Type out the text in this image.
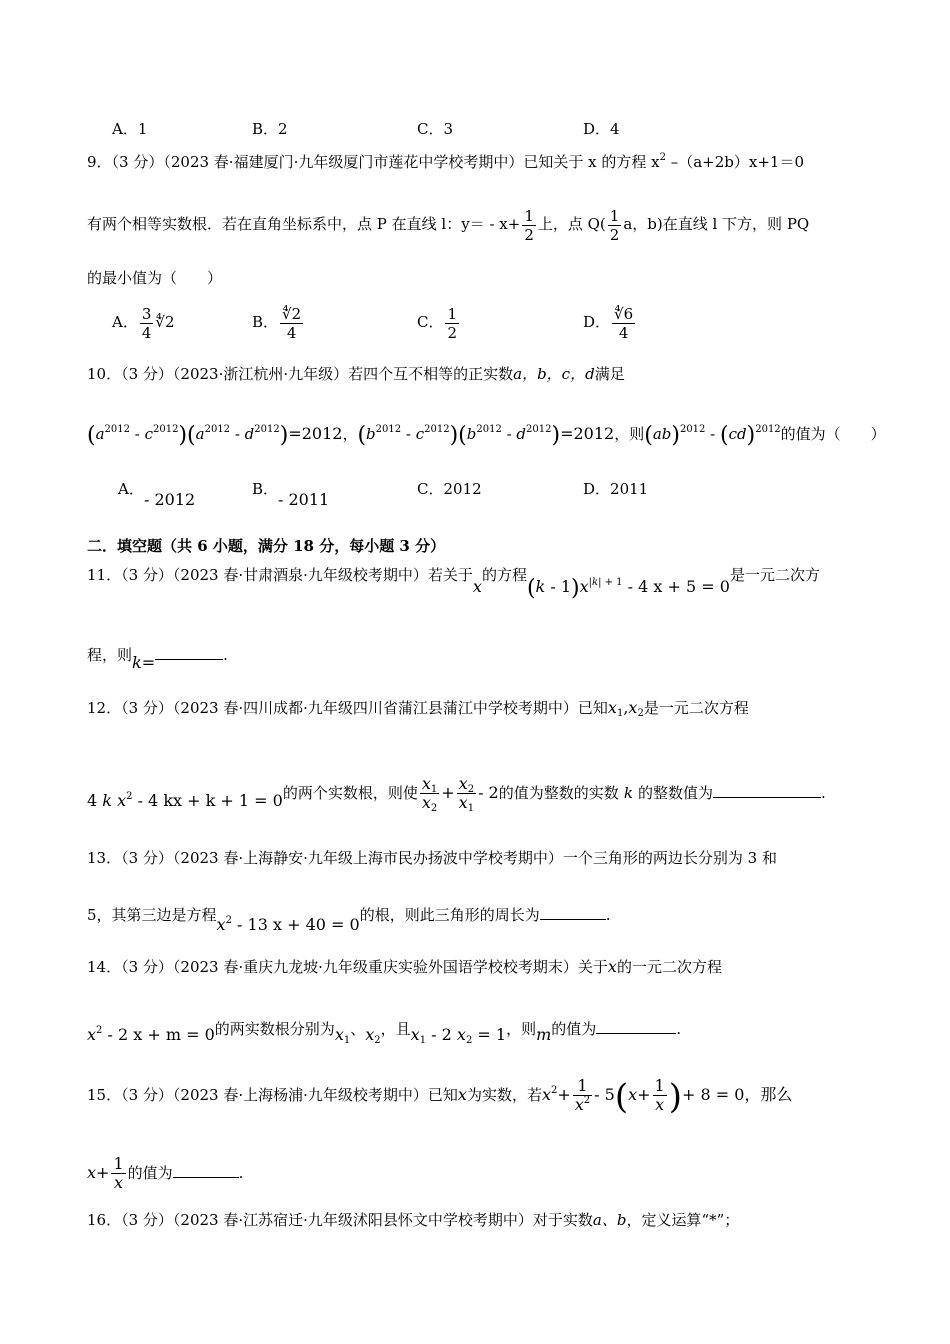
A．1	B．2	C．3	D．4
9．（3 分）（2023 春·福建厦门·九年级厦门市莲花中学校考期中）已知关于 x 的方程 $x^2$ –（a+2b）x+1＝0
有两个相等实数根．若在直角坐标系中，点 P 在直线 l：$y= - x+ \frac{1}{2}$ 上，点 $Q( \frac{1}{2}$ a，b)在直线 l 下方，则 PQ
的最小值为（　　）
A． $\frac{3}{4}$ ∜2	B． $\frac{∜2}{4}$	C． $\frac{1}{2}$	D． $\frac{∜6}{4}$
10．（3 分）（2023·浙江杭州·九年级）若四个互不相等的正实数a，b，c，d满足
$(a^{2012} - c^{2012})(a^{2012} - d^{2012})=2012$，$(b^{2012} - c^{2012})(b^{2012} - d^{2012})=2012$，则(ab)$^{2012}$ - (cd)$^{2012}$的值为（　　）
A．
- 2012
B．
- 2011
C．2012	D．2011
二．填空题（共 6 小题，满分 18 分，每小题 3 分）
11．（3 分）（2023 春·甘肃酒泉·九年级校考期中）若关于x的方程$(k - 1)x^{|k| + 1} - 4$ x + 5 = 0是一元二次方
程，则k=	.
12．（3 分）（2023 春·四川成都·九年级四川省蒲江县蒲江中学校考期中）已知$x_1,x_2$是一元二次方程
4 k $x^2 - 4$ kx + k + 1 = 0的两个实数根，则使 $\frac{x_1}{x_2} + \frac{x_2}{x_1} - 2$的值为整数的实数 k 的整数值为	.
13．（3 分）（2023 春·上海静安·九年级上海市民办扬波中学校考期中）一个三角形的两边长分别为 3 和
5，其第三边是方程$x^2 - 13$ x + 40 = 0的根，则此三角形的周长为	.
14．（3 分）（2023 春·重庆九龙坡·九年级重庆实验外国语学校校考期末）关于x的一元二次方程
$x^2 - 2$ x + m = 0的两实数根分别为$x_1$、$x_2$，且$x_1 - 2$ $x_2 = 1$，则m的值为	.
15．（3 分）（2023 春·上海杨浦·九年级校考期中）已知x为实数，若$x^2+ \frac{1}{x^2} - 5(x+ \frac{1}{x}$ )+ 8 = 0，那么
$x+ \frac{1}{x}$ 的值为	.
16．（3 分）（2023 春·江苏宿迁·九年级沭阳县怀文中学校考期中）对于实数a、b，定义运算“*”；
